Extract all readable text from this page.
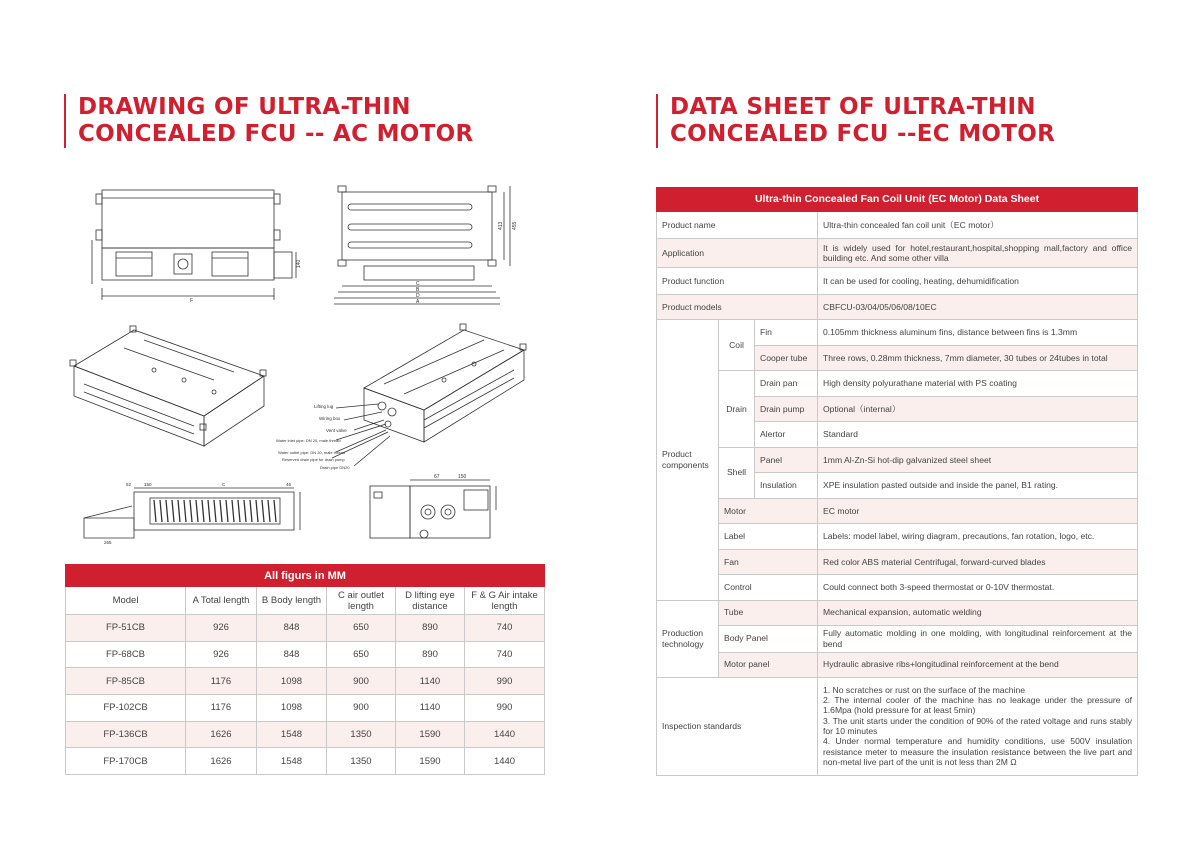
DRAWING OF ULTRA-THIN
CONCEALED FCU -- AC MOTOR
DATA SHEET OF ULTRA-THIN
CONCEALED FCU --EC MOTOR
F
140
C
B
D
A
413 455
Lifting lug
Wiring box
Vent valve
Water inlet pipe: DN 20, male thread
Water outlet pipe: DN 20, male thread
Reserved drain pipe for drain pump
Drain pipe DN20
52	150	C	46
265
67	150
All figurs in MM					
Model	A Total length	B Body length	C air outlet length	D lifting eye distance	F & G Air intake length
FP-51CB	926	848	650	890	740
FP-68CB	926	848	650	890	740
FP-85CB	1176	1098	900	1140	990
FP-102CB	1176	1098	900	1140	990
FP-136CB	1626	1548	1350	1590	1440
FP-170CB	1626	1548	1350	1590	1440
Ultra-thin Concealed Fan Coil Unit (EC Motor) Data Sheet			
Product name			Ultra-thin concealed fan coil unit（EC motor）
Application			It is widely used for hotel,restaurant,hospital,shopping mall,factory and office building etc. And some other villa
Product function			It can be used for cooling, heating, dehumidification
Product models			CBFCU-03/04/05/06/08/10EC
Product components	Coil	Fin	0.105mm thickness aluminum fins, distance between fins is 1.3mm
		Cooper tube	Three rows, 0.28mm thickness, 7mm diameter, 30 tubes or 24tubes in total
	Drain	Drain pan	High density polyurathane material with PS coating
		Drain pump	Optional（internal）
		Alertor	Standard
	Shell	Panel	1mm Al-Zn-Si hot-dip galvanized steel sheet
		Insulation	XPE insulation pasted outside and inside the panel, B1 rating.
	Motor		EC motor
	Label		Labels: model label, wiring diagram, precautions, fan rotation, logo, etc.
	Fan		Red color ABS material Centrifugal, forward-curved blades
	Control		Could connect both 3-speed thermostat or 0-10V thermostat.
Production technology	Tube		Mechanical expansion, automatic welding
	Body Panel		Fully automatic molding in one molding, with longitudinal reinforcement at the bend
	Motor panel		Hydraulic abrasive ribs+longitudinal reinforcement at the bend
Inspection standards			1. No scratches or rust on the surface of the machine
2. The internal cooler of the machine has no leakage under the pressure of 1.6Mpa (hold pressure for at least 5min)
3. The unit starts under the condition of 90% of the rated voltage and runs stably for 10 minutes
4. Under normal temperature and humidity conditions, use 500V insulation resistance meter to measure the insulation resistance between the live part and non-metal live part of the unit is not less than 2M Ω
